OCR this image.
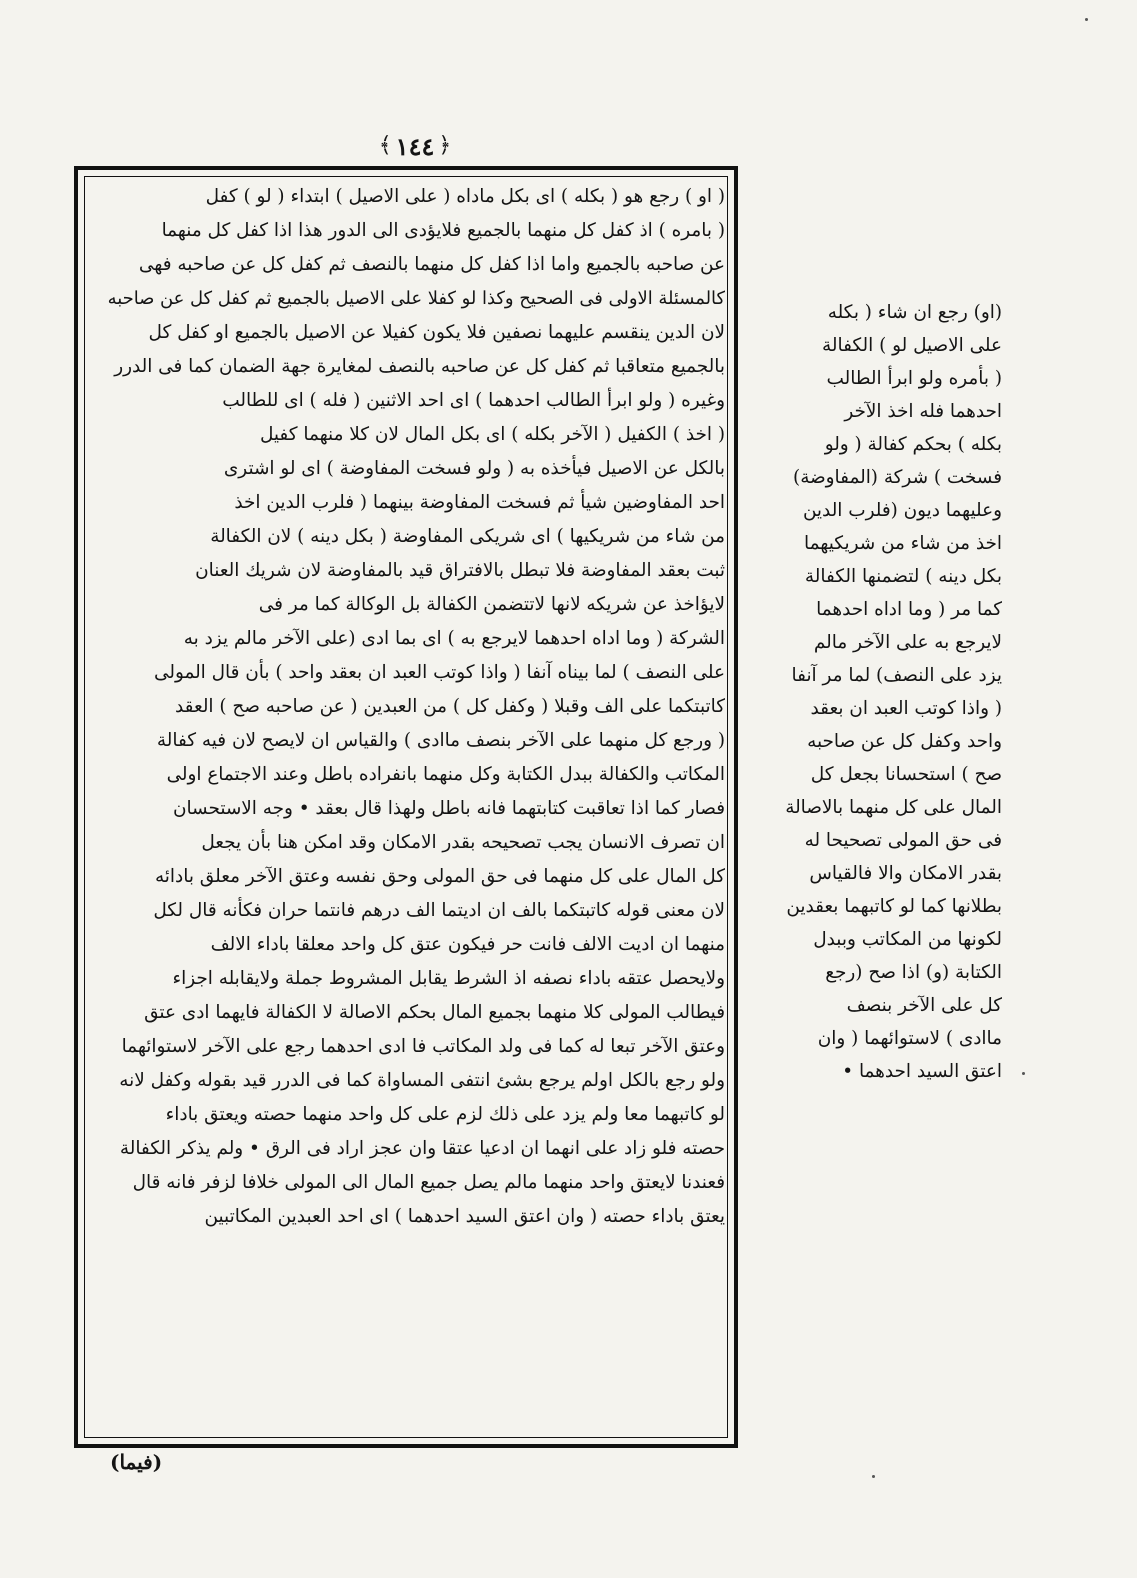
﴿
١٤٤
﴾
( او ) رجع هو ( بكله ) اى بكل ماداه ( على الاصيل ) ابتداء ( لو ) كفل
( بامره ) اذ كفل كل منهما بالجميع فلايؤدى الى الدور هذا اذا كفل كل منهما
عن صاحبه بالجميع واما اذا كفل كل منهما بالنصف ثم كفل كل عن صاحبه فهى
كالمسئلة الاولى فى الصحيح وكذا لو كفلا على الاصيل بالجميع ثم كفل كل عن صاحبه
لان الدين ينقسم عليهما نصفين فلا يكون كفيلا عن الاصيل بالجميع او كفل كل
بالجميع متعاقبا ثم كفل كل عن صاحبه بالنصف لمغايرة جهة الضمان كما فى الدرر
وغيره ( ولو ابرأ الطالب احدهما ) اى احد الاثنين ( فله ) اى للطالب
( اخذ ) الكفيل ( الآخر بكله ) اى بكل المال لان كلا منهما كفيل
بالكل عن الاصيل فيأخذه به ( ولو فسخت المفاوضة ) اى لو اشترى
احد المفاوضين شيأ ثم فسخت المفاوضة بينهما ( فلرب الدين اخذ
من شاء من شريكيها ) اى شريكى المفاوضة ( بكل دينه ) لان الكفالة
ثبت بعقد المفاوضة فلا تبطل بالافتراق قيد بالمفاوضة لان شريك العنان
لايؤاخذ عن شريكه لانها لاتتضمن الكفالة بل الوكالة كما مر فى
الشركة ( وما اداه احدهما لايرجع به ) اى بما ادى (على الآخر مالم يزد به
على النصف ) لما بيناه آنفا ( واذا كوتب العبد ان بعقد واحد ) بأن قال المولى
كاتبتكما على الف وقبلا ( وكفل كل ) من العبدين ( عن صاحبه صح ) العقد
( ورجع كل منهما على الآخر بنصف ماادى ) والقياس ان لايصح لان فيه كفالة
المكاتب والكفالة ببدل الكتابة وكل منهما بانفراده باطل وعند الاجتماع اولى
فصار كما اذا تعاقبت كتابتهما فانه باطل ولهذا قال بعقد • وجه الاستحسان
ان تصرف الانسان يجب تصحيحه بقدر الامكان وقد امكن هنا بأن يجعل
كل المال على كل منهما فى حق المولى وحق نفسه وعتق الآخر معلق بادائه
لان معنى قوله كاتبتكما بالف ان اديتما الف درهم فانتما حران فكأنه قال لكل
منهما ان اديت الالف فانت حر فيكون عتق كل واحد معلقا باداء الالف
ولايحصل عتقه باداء نصفه اذ الشرط يقابل المشروط جملة ولايقابله اجزاء
فيطالب المولى كلا منهما بجميع المال بحكم الاصالة لا الكفالة فايهما ادى عتق
وعتق الآخر تبعا له كما فى ولد المكاتب فا ادى احدهما رجع على الآخر لاستوائهما
ولو رجع بالكل اولم يرجع بشئ انتفى المساواة كما فى الدرر قيد بقوله وكفل لانه
لو كاتبهما معا ولم يزد على ذلك لزم على كل واحد منهما حصته ويعتق باداء
حصته فلو زاد على انهما ان ادعيا عتقا وان عجز اراد فى الرق • ولم يذكر الكفالة
فعندنا لايعتق واحد منهما مالم يصل جميع المال الى المولى خلافا لزفر فانه قال
يعتق باداء حصته ( وان اعتق السيد احدهما ) اى احد العبدين المكاتبين
(او) رجع ان شاء ( بكله
على الاصيل لو ) الكفالة
( بأمره ولو ابرأ الطالب
احدهما فله اخذ الآخر
بكله ) بحكم كفالة ( ولو
فسخت ) شركة (المفاوضة)
وعليهما ديون (فلرب الدين
اخذ من شاء من شريكيهما
بكل دينه ) لتضمنها الكفالة
كما مر ( وما اداه احدهما
لايرجع به على الآخر مالم
يزد على النصف) لما مر آنفا
( واذا كوتب العبد ان بعقد
واحد وكفل كل عن صاحبه
صح ) استحسانا بجعل كل
المال على كل منهما بالاصالة
فى حق المولى تصحيحا له
بقدر الامكان والا فالقياس
بطلانها كما لو كاتبهما بعقدين
لكونها من المكاتب وببدل
الكتابة (و) اذا صح (رجع
كل على الآخر بنصف
ماادى ) لاستوائهما ( وان
اعتق السيد احدهما •
(فيما)
